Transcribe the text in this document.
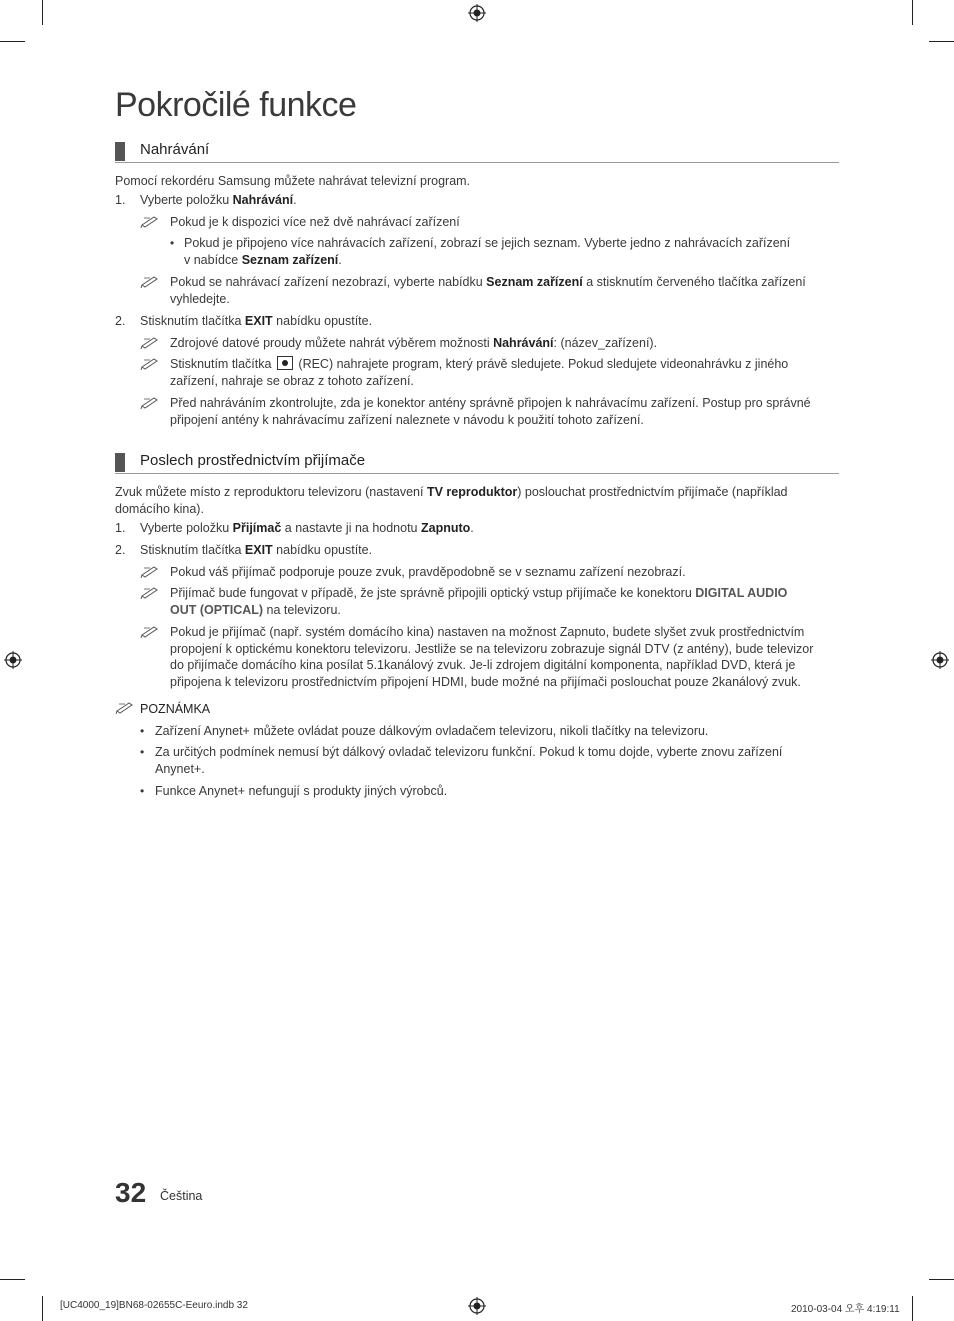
Pokročilé funkce
Nahrávání
Pomocí rekordéru Samsung můžete nahrávat televizní program.
1. Vyberte položku Nahrávání.
Pokud je k dispozici více než dvě nahrávací zařízení
• Pokud je připojeno více nahrávacích zařízení, zobrazí se jejich seznam. Vyberte jedno z nahrávacích zařízení
v nabídce Seznam zařízení.
Pokud se nahrávací zařízení nezobrazí, vyberte nabídku Seznam zařízení a stisknutím červeného tlačítka zařízení
vyhledejte.
2. Stisknutím tlačítka EXIT nabídku opustíte.
Zdrojové datové proudy můžete nahrát výběrem možnosti Nahrávání: (název_zařízení).
Stisknutím tlačítka (REC) nahrajete program, který právě sledujete. Pokud sledujete videonahrávku z jiného
zařízení, nahraje se obraz z tohoto zařízení.
Před nahráváním zkontrolujte, zda je konektor antény správně připojen k nahrávacímu zařízení. Postup pro správné
připojení antény k nahrávacímu zařízení naleznete v návodu k použití tohoto zařízení.
Poslech prostřednictvím přijímače
Zvuk můžete místo z reproduktoru televizoru (nastavení TV reproduktor) poslouchat prostřednictvím přijímače (například
domácího kina).
1. Vyberte položku Přijímač a nastavte ji na hodnotu Zapnuto.
2. Stisknutím tlačítka EXIT nabídku opustíte.
Pokud váš přijímač podporuje pouze zvuk, pravděpodobně se v seznamu zařízení nezobrazí.
Přijímač bude fungovat v případě, že jste správně připojili optický vstup přijímače ke konektoru DIGITAL AUDIO
OUT (OPTICAL) na televizoru.
Pokud je přijímač (např. systém domácího kina) nastaven na možnost Zapnuto, budete slyšet zvuk prostřednictvím
propojení k optickému konektoru televizoru. Jestliže se na televizoru zobrazuje signál DTV (z antény), bude televizor
do přijímače domácího kina posílat 5.1kanálový zvuk. Je-li zdrojem digitální komponenta, například DVD, která je
připojena k televizoru prostřednictvím připojení HDMI, bude možné na přijímači poslouchat pouze 2kanálový zvuk.
POZNÁMKA
• Zařízení Anynet+ můžete ovládat pouze dálkovým ovladačem televizoru, nikoli tlačítky na televizoru.
• Za určitých podmínek nemusí být dálkový ovladač televizoru funkční. Pokud k tomu dojde, vyberte znovu zařízení
Anynet+.
• Funkce Anynet+ nefungují s produkty jiných výrobců.
32 Čeština
[UC4000_19]BN68-02655C-Eeuro.indb 32	2010-03-04 오후 4:19:11
